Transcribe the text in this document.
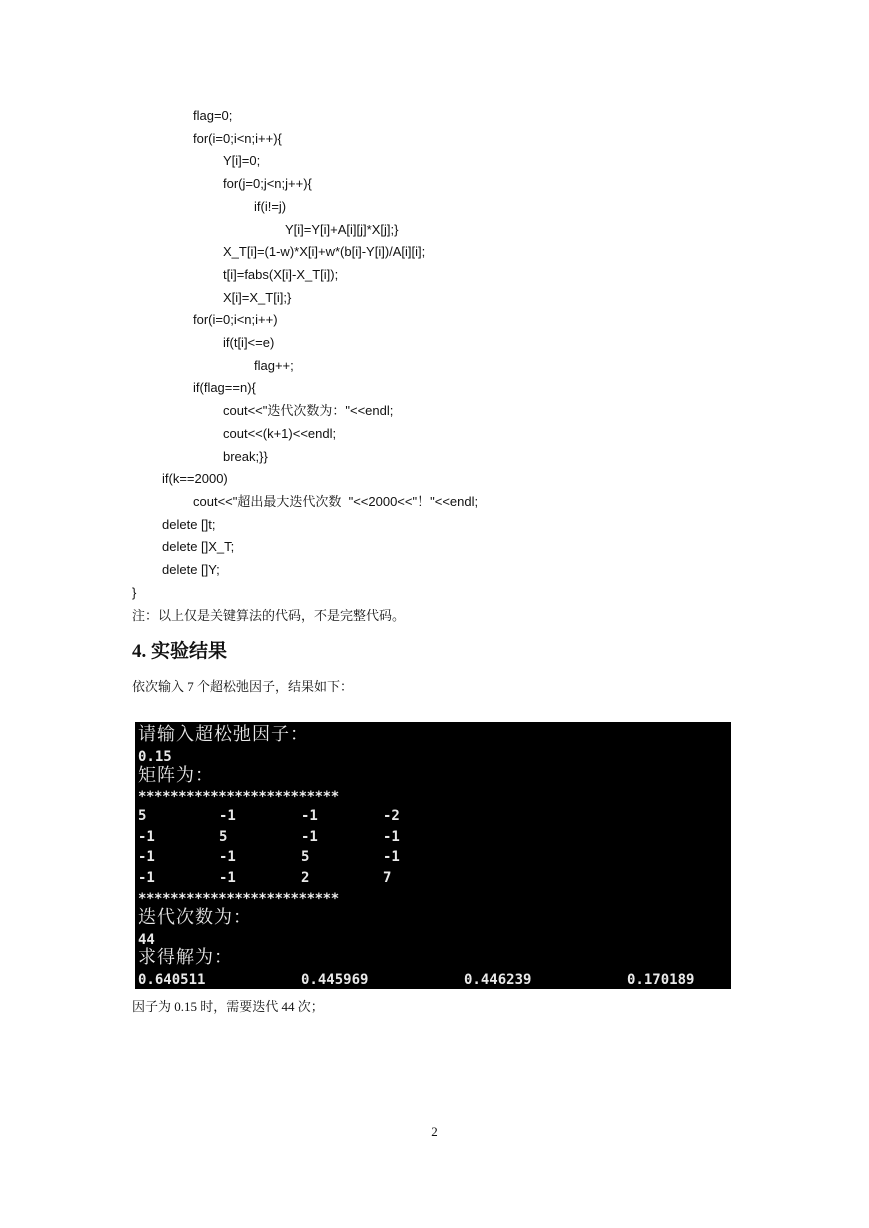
flag=0;
for(i=0;i<n;i++){
Y[i]=0;
for(j=0;j<n;j++){
if(i!=j)
Y[i]=Y[i]+A[i][j]*X[j];}
X_T[i]=(1-w)*X[i]+w*(b[i]-Y[i])/A[i][i];
t[i]=fabs(X[i]-X_T[i]);
X[i]=X_T[i];}
for(i=0;i<n;i++)
if(t[i]<=e)
flag++;
if(flag==n){
cout<<"迭代次数为："<<endl;
cout<<(k+1)<<endl;
break;}}
if(k==2000)
cout<<"超出最大迭代次数  "<<2000<<"！"<<endl;
delete []t;
delete []X_T;
delete []Y;
}
注：以上仅是关键算法的代码，不是完整代码。
4. 实验结果
依次输入 7 个超松弛因子，结果如下：
请输入超松弛因子：
0.15
矩阵为：
*************************
5	-1	-1	-2
-1	5	-1	-1
-1	-1	5	-1
-1	-1	2	7
*************************
迭代次数为：
44
求得解为：
0.640511	0.445969	0.446239	0.170189
因子为 0.15 时，需要迭代 44 次；
2
